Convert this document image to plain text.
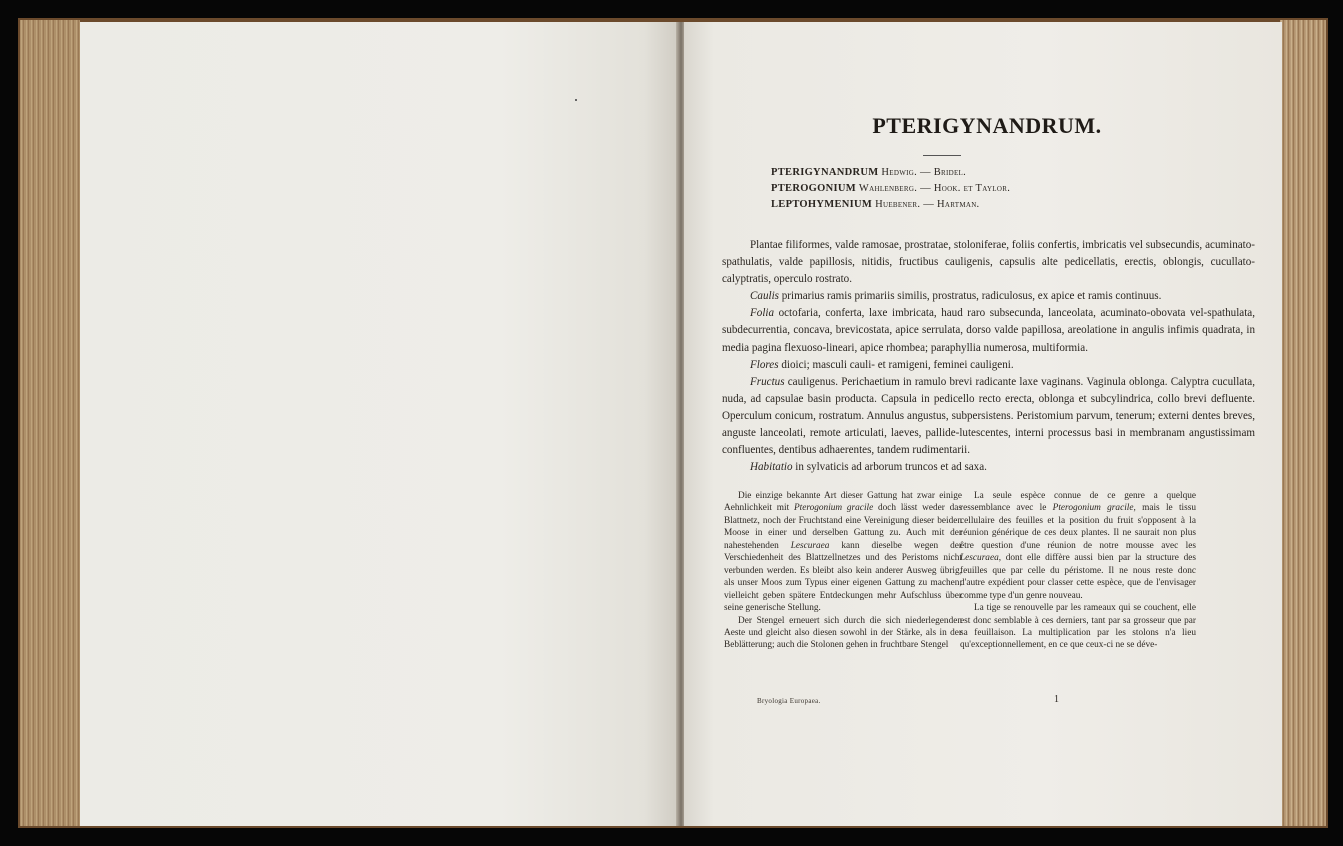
PTERIGYNANDRUM.
PTERIGYNANDRUM Hedwig. — Bridel.
PTEROGONIUM Wahlenberg. — Hook. et Taylor.
LEPTOHYMENIUM Huebener. — Hartman.

Plantae filiformes, valde ramosae, prostratae, stoloniferae, foliis confertis, imbricatis vel subsecundis, acuminato-spathulatis, valde papillosis, nitidis, fructibus cauligenis, capsulis alte pedicellatis, erectis, oblongis, cucullato-calyptratis, operculo rostrato.

Caulis primarius ramis primariis similis, prostratus, radiculosus, ex apice et ramis continuus.

Folia octofaria, conferta, laxe imbricata, haud raro subsecunda, lanceolata, acuminato-obovata vel-spathulata, subdecurrentia, concava, brevicostata, apice serrulata, dorso valde papillosa, areolatione in angulis infimis quadrata, in media pagina flexuoso-lineari, apice rhombea; paraphyllia numerosa, multiformia.

Flores dioici; masculi cauli- et ramigeni, feminei cauligeni.

Fructus cauligenus. Perichaetium in ramulo brevi radicante laxe vaginans. Vaginula oblonga. Calyptra cucullata, nuda, ad capsulae basin producta. Capsula in pedicello recto erecta, oblonga et subcylindrica, collo brevi defluente. Operculum conicum, rostratum. Annulus angustus, subpersistens. Peristomium parvum, tenerum; externi dentes breves, anguste lanceolati, remote articulati, laeves, pallide-lutescentes, interni processus basi in membranam angustissimam confluentes, dentibus adhaerentes, tandem rudimentarii.

Habitatio in sylvaticis ad arborum truncos et ad saxa.

Die einzige bekannte Art dieser Gattung hat zwar einige Aehnlichkeit mit Pterogonium gracile doch lässt weder das Blattnetz, noch der Fruchtstand eine Vereinigung dieser beiden Moose in einer und derselben Gattung zu. Auch mit der nahestehenden Lescuraea kann dieselbe wegen der Verschiedenheit des Blattzellnetzes und des Peristoms nicht verbunden werden. Es bleibt also kein anderer Ausweg übrig, als unser Moos zum Typus einer eigenen Gattung zu machen; vielleicht geben spätere Entdeckungen mehr Aufschluss über seine generische Stellung.

Der Stengel erneuert sich durch die sich niederlegenden Aeste und gleicht also diesen sowohl in der Stärke, als in der Beblätterung; auch die Stolonen gehen in fruchtbare Stengel

La seule espèce connue de ce genre a quelque ressemblance avec le Pterogonium gracile, mais le tissu cellulaire des feuilles et la position du fruit s'opposent à la réunion générique de ces deux plantes. Il ne saurait non plus être question d'une réunion de notre mousse avec les Lescuraea, dont elle diffère aussi bien par la structure des feuilles que par celle du péristome. Il ne nous reste donc d'autre expédient pour classer cette espèce, que de l'envisager comme type d'un genre nouveau.

La tige se renouvelle par les rameaux qui se couchent, elle est donc semblable à ces derniers, tant par sa grosseur que par sa feuillaison. La multiplication par les stolons n'a lieu qu'exceptionnellement, en ce que ceux-ci ne se déve-

Bryologia Europaea.	1
